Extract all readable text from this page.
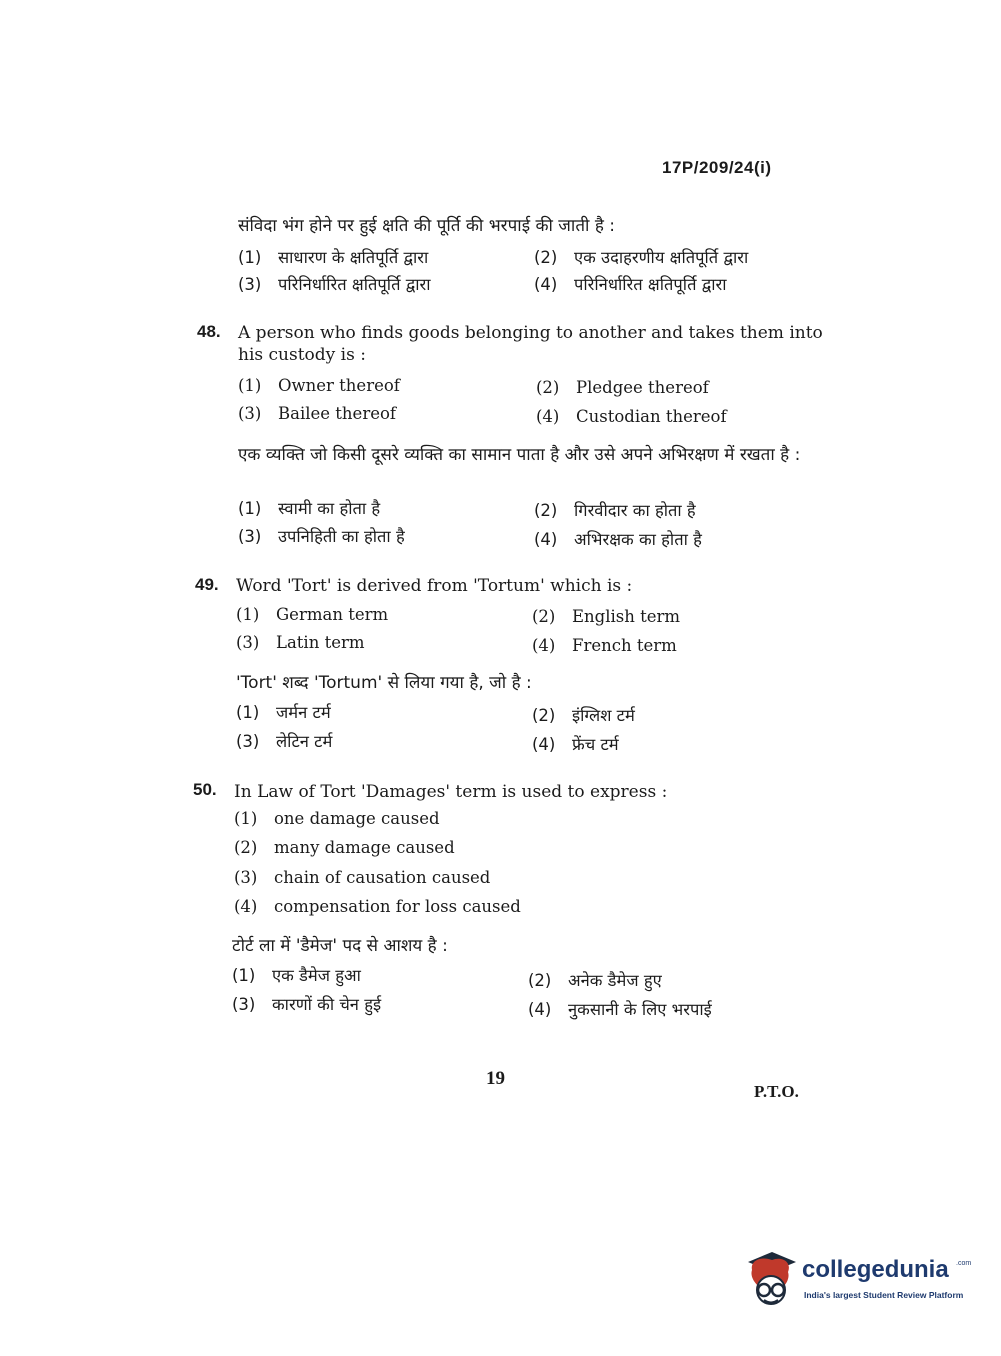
17P/209/24(i)
संविदा भंग होने पर हुई क्षति की पूर्ति की भरपाई की जाती है :
(1) साधारण के क्षतिपूर्ति द्वारा	(2) एक उदाहरणीय क्षतिपूर्ति द्वारा
(3) परिनिर्धारित क्षतिपूर्ति द्वारा	(4) परिनिर्धारित क्षतिपूर्ति द्वारा
48. A person who finds goods belonging to another and takes them into his custody is :
(1) Owner thereof	(2) Pledgee thereof
(3) Bailee thereof	(4) Custodian thereof
एक व्यक्ति जो किसी दूसरे व्यक्ति का सामान पाता है और उसे अपने अभिरक्षण में रखता है :
(1) स्वामी का होता है	(2) गिरवीदार का होता है
(3) उपनिहिती का होता है	(4) अभिरक्षक का होता है
49. Word 'Tort' is derived from 'Tortum' which is :
(1) German term	(2) English term
(3) Latin term	(4) French term
'Tort' शब्द 'Tortum' से लिया गया है, जो है :
(1) जर्मन टर्म	(2) इंग्लिश टर्म
(3) लेटिन टर्म	(4) फ्रेंच टर्म
50. In Law of Tort 'Damages' term is used to express :
(1) one damage caused
(2) many damage caused
(3) chain of causation caused
(4) compensation for loss caused
टोर्ट ला में 'डैमेज' पद से आशय है :
(1) एक डैमेज हुआ	(2) अनेक डैमेज हुए
(3) कारणों की चेन हुई	(4) नुकसानी के लिए भरपाई
19
P.T.O.
collegedunia .com
India's largest Student Review Platform
